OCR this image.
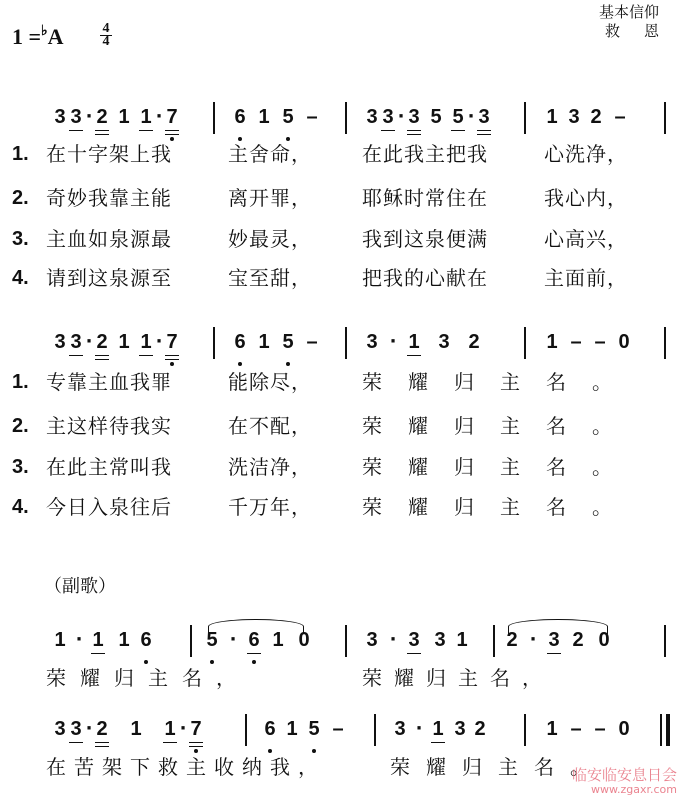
1 =♭A	4
4
基本信仰
救恩
3 3 · 2 1 1 · 7	6 1 5 – 3 3 · 3 5 5 · 3	1 3 2 –
1. 在十字架上我	主舍命，	在此我主把我	心洗净，
2. 奇妙我靠主能	离开罪，	耶稣时常住在	我心内，
3. 主血如泉源最	妙最灵，	我到这泉便满	心高兴，
4. 请到这泉源至	宝至甜，	把我的心献在	主面前，
3 3 · 2 1 1 · 7	6 1 5 – 3 · 1 3 2	1 – – 0
1. 专靠主血我罪	能除尽，	荣耀归主名。
2. 主这样待我实	在不配，	荣耀归主名。
3. 在此主常叫我	洗洁净，	荣耀归主名。
4. 今日入泉往后	千万年，	荣耀归主名。
（副歌）
1 · 1 1 6	5 · 6 1 0	3 · 3 3 1 2 · 3 2 0
荣耀归主名，	荣耀归主名，
3 3 · 2 1 1 · 7	6 1 5 –	3 · 1 3 2	1 – – 0
在苦架下救主收纳我，	荣耀归主名。
临安临安息日会
www.zgaxr.com
